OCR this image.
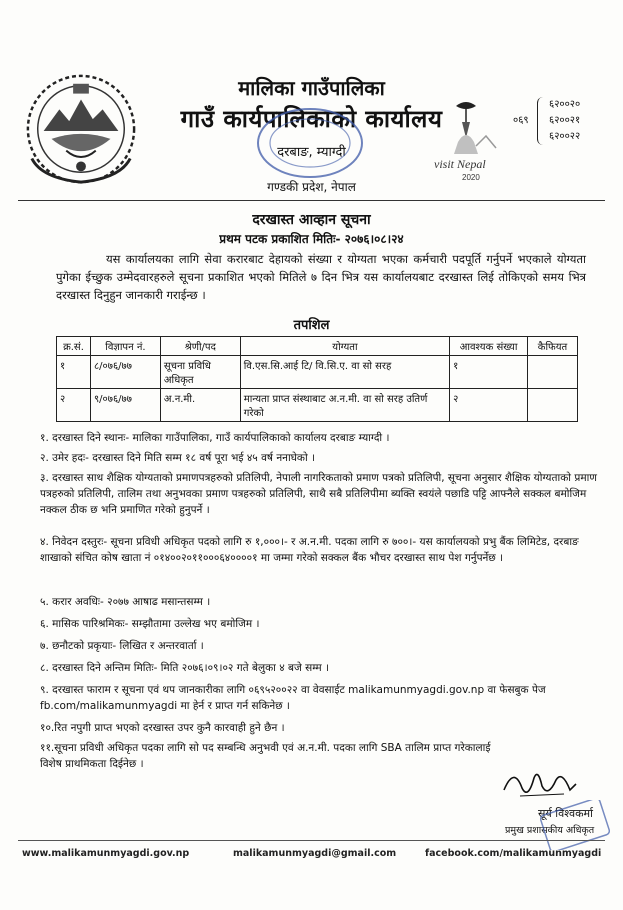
मालिका गाउँपालिका
गाउँ कार्यपालिकाको कार्यालय
दरबाङ, म्याग्दी
गण्डकी प्रदेश, नेपाल
visit Nepal
2020
०६९
६२००२०
६२००२१
६२००२२
दरखास्त आव्हान सूचना
प्रथम पटक प्रकाशित मितिः- २०७६।०८।२४
यस कार्यालयका लागि सेवा करारबाट देहायको संख्या र योग्यता भएका कर्मचारी पदपूर्ति गर्नुपर्ने भएकाले योग्यता पुगेका ईच्छुक उम्मेदवारहरुले सूचना प्रकाशित भएको मितिले ७ दिन भित्र यस कार्यालयबाट दरखास्त लिई तोकिएको समय भित्र दरखास्त दिनुहुन जानकारी गराईन्छ ।
तपशिल
क्र.सं.	विज्ञापन नं.	श्रेणी/पद	योग्यता	आवश्यक संख्या	कैफियत
१	८/०७६/७७	सूचना प्रविधि अधिकृत	वि.एस.सि.आई टि/ वि.सि.ए. वा सो सरह	१	
२	९/०७६/७७	अ.न.मी.	मान्यता प्राप्त संस्थाबाट अ.न.मी. वा सो सरह उतिर्ण गरेको	२	
१. दरखास्त दिने स्थानः- मालिका गाउँपालिका, गाउँ कार्यपालिकाको कार्यालय दरबाङ म्याग्दी ।
२. उमेर हदः- दरखास्त दिने मिति सम्म १८ वर्ष पूरा भई ४५ वर्ष ननाघेको ।
३. दरखास्त साथ शैक्षिक योग्यताको प्रमाणपत्रहरुको प्रतिलिपी, नेपाली नागरिकताको प्रमाण पत्रको प्रतिलिपी, सूचना अनुसार शैक्षिक योग्यताको प्रमाण पत्रहरुको प्रतिलिपी, तालिम तथा अनुभवका प्रमाण पत्रहरुको प्रतिलिपी, साथै सबै प्रतिलिपीमा ब्यक्ति स्वयंले पछाडि पट्टि आफ्नैले सक्कल बमोजिम नक्कल ठीक छ भनि प्रमाणित गरेको हुनुपर्ने ।
४. निवेदन दस्तुरः- सूचना प्रविधी अधिकृत पदको लागि रु १,०००।- र अ.न.मी. पदका लागि रु ७००।- यस कार्यालयको प्रभु बैंक लिमिटेड, दरबाङ शाखाको संचित कोष खाता नं ०१४००२०११०००६४००००१ मा जम्मा गरेको सक्कल बैंक भौचर दरखास्त साथ पेश गर्नुपर्नेछ ।
५. करार अवधिः- २०७७ आषाढ मसान्तसम्म ।
६. मासिक पारिश्रमिकः- सम्झौतामा उल्लेख भए बमोजिम ।
७. छनौटको प्रकृयाः- लिखित र अन्तरवार्ता ।
८. दरखास्त दिने अन्तिम मितिः- मिति २०७६।०९।०२ गते बेलुका ४ बजे सम्म ।
९. दरखास्त फाराम र सूचना एवं थप जानकारीका लागि ०६९५२००२२ वा वेवसाईट malikamunmyagdi.gov.np वा फेसबुक पेज fb.com/malikamunmyagdi मा हेर्न र प्राप्त गर्न सकिनेछ ।
१०.रित नपुगी प्राप्त भएको दरखास्त उपर कुनै कारवाही हुने छैन ।
११.सूचना प्रविधी अधिकृत पदका लागि सो पद सम्बन्धि अनुभवी एवं अ.न.मी. पदका लागि SBA तालिम प्राप्त गरेकालाई विशेष प्राथमिकता दिईनेछ ।
सूर्य विश्वकर्मा
प्रमुख प्रशासकीय अधिकृत
www.malikamunmyagdi.gov.np	malikamunmyagdi@gmail.com	facebook.com/malikamunmyagdi
